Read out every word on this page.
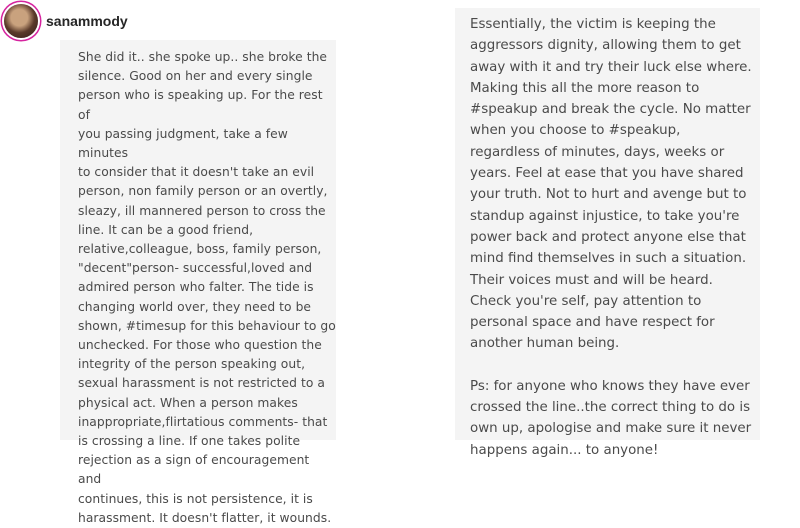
sanammody

She did it.. she spoke up.. she broke the
silence. Good on her and every single
person who is speaking up. For the rest of
you passing judgment, take a few minutes
to consider that it doesn't take an evil
person, non family person or an overtly,
sleazy, ill mannered person to cross the
line. It can be a good friend,
relative,colleague, boss, family person,
"decent"person- successful,loved and
admired person who falter. The tide is
changing world over, they need to be
shown, #timesup for this behaviour to go
unchecked. For those who question the
integrity of the person speaking out,
sexual harassment is not restricted to a
physical act. When a person makes
inappropriate,flirtatious comments- that
is crossing a line. If one takes polite
rejection as a sign of encouragement and
continues, this is not persistence, it is
harassment. It doesn't flatter, it wounds.

Essentially, the victim is keeping the
aggressors dignity, allowing them to get
away with it and try their luck else where.
Making this all the more reason to
#speakup and break the cycle. No matter
when you choose to #speakup,
regardless of minutes, days, weeks or
years. Feel at ease that you have shared
your truth. Not to hurt and avenge but to
standup against injustice, to take you're
power back and protect anyone else that
mind find themselves in such a situation.
Their voices must and will be heard.
Check you're self, pay attention to
personal space and have respect for
another human being.

Ps: for anyone who knows they have ever
crossed the line..the correct thing to do is
own up, apologise and make sure it never
happens again... to anyone!
